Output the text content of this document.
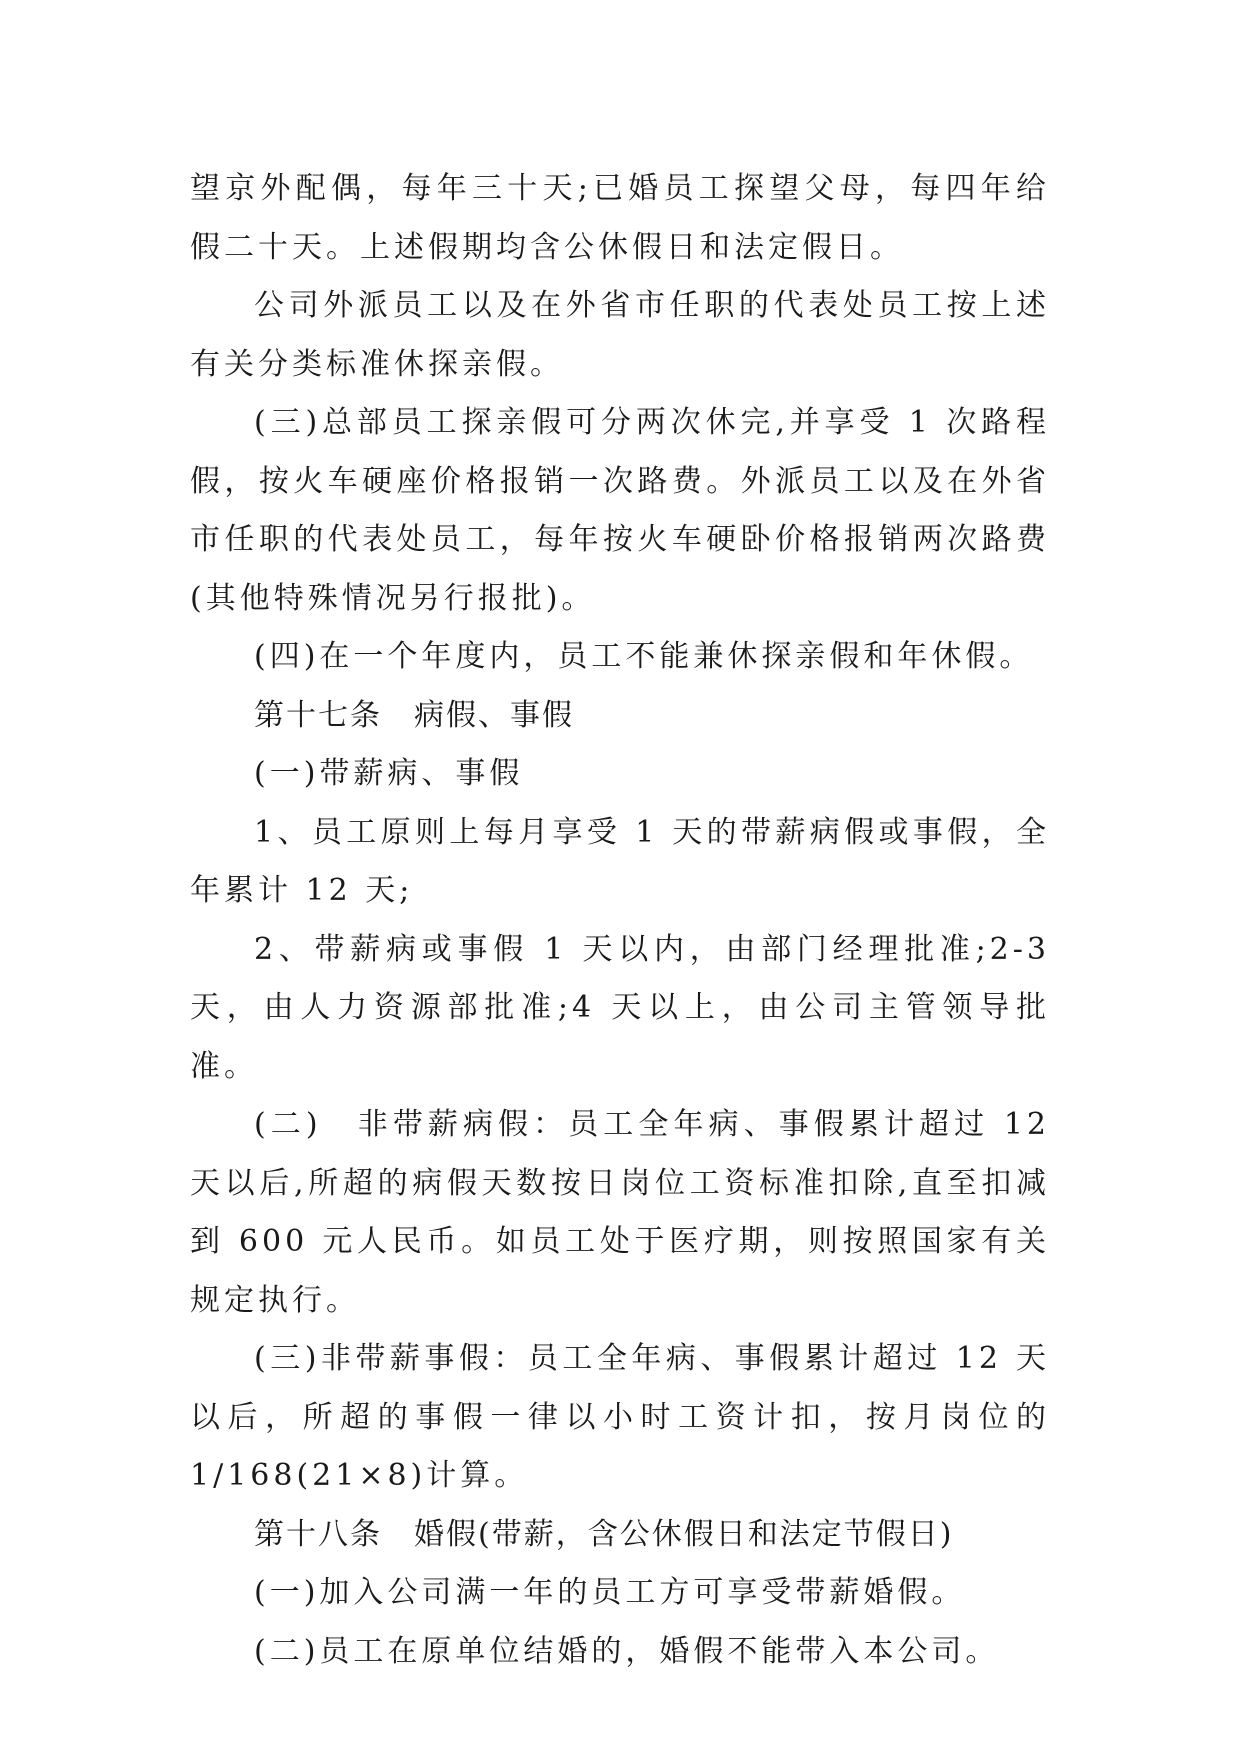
望京外配偶，每年三十天;已婚员工探望父母，每四年给假二十天。上述假期均含公休假日和法定假日。

公司外派员工以及在外省市任职的代表处员工按上述有关分类标准休探亲假。

(三)总部员工探亲假可分两次休完,并享受 1 次路程假，按火车硬座价格报销一次路费。外派员工以及在外省市任职的代表处员工，每年按火车硬卧价格报销两次路费(其他特殊情况另行报批)。

(四)在一个年度内，员工不能兼休探亲假和年休假。

第十七条　病假、事假

(一)带薪病、事假

1、员工原则上每月享受 1 天的带薪病假或事假，全年累计 12 天;

2、带薪病或事假 1 天以内，由部门经理批准;2-3 天，由人力资源部批准;4 天以上，由公司主管领导批准。

(二)　非带薪病假：员工全年病、事假累计超过 12 天以后,所超的病假天数按日岗位工资标准扣除,直至扣减到 600 元人民币。如员工处于医疗期，则按照国家有关规定执行。

(三)非带薪事假：员工全年病、事假累计超过 12 天以后，所超的事假一律以小时工资计扣，按月岗位的 1/168(21×8)计算。

第十八条　婚假(带薪，含公休假日和法定节假日)

(一)加入公司满一年的员工方可享受带薪婚假。

(二)员工在原单位结婚的，婚假不能带入本公司。
